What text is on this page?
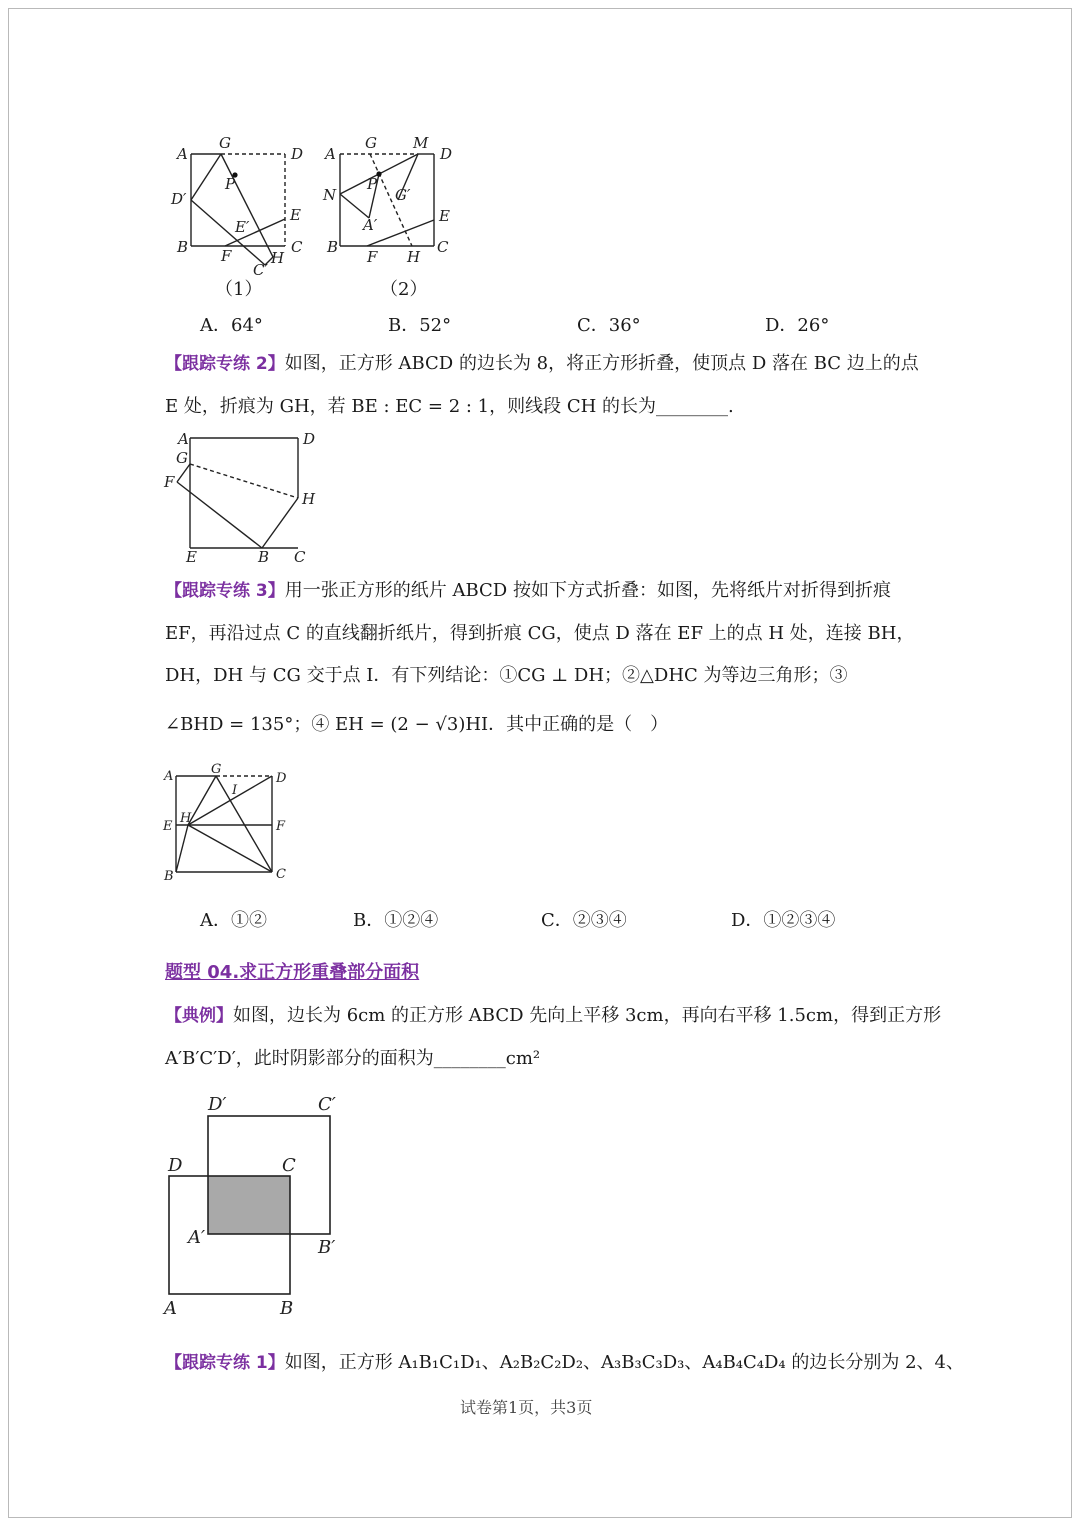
G
A	D
D′
P
E′
E
B F	C
C′
H
（1）
G M
A	D
N
P
G′
A′	E
B
F H
C
（2）
A．64°	B．52°	C．36°	D．26°
【跟踪专练 2】如图，正方形 ABCD 的边长为 8，将正方形折叠，使顶点 D 落在 BC 边上的点
E 处，折痕为 GH，若 BE : EC = 2 : 1，则线段 CH 的长为________.
A	D
G
F
H
E	B C
【跟踪专练 3】用一张正方形的纸片 ABCD 按如下方式折叠：如图，先将纸片对折得到折痕
EF，再沿过点 C 的直线翻折纸片，得到折痕 CG，使点 D 落在 EF 上的点 H 处，连接 BH，
DH，DH 与 CG 交于点 I．有下列结论：①CG ⊥ DH；②△DHC 为等边三角形；③
∠BHD = 135°；④ EH = (2 − √3)HI．其中正确的是（　）
A	G
D
I
E
H
F
B	C
A．①②	B．①②④	C．②③④	D．①②③④
题型 04.求正方形重叠部分面积
【典例】如图，边长为 6cm 的正方形 ABCD 先向上平移 3cm，再向右平移 1.5cm，得到正方形
A′B′C′D′，此时阴影部分的面积为________cm²
D′	C′
D	C
A′	B′
A	B
【跟踪专练 1】如图，正方形 A₁B₁C₁D₁、A₂B₂C₂D₂、A₃B₃C₃D₃、A₄B₄C₄D₄ 的边长分别为 2、4、
试卷第1页，共3页
